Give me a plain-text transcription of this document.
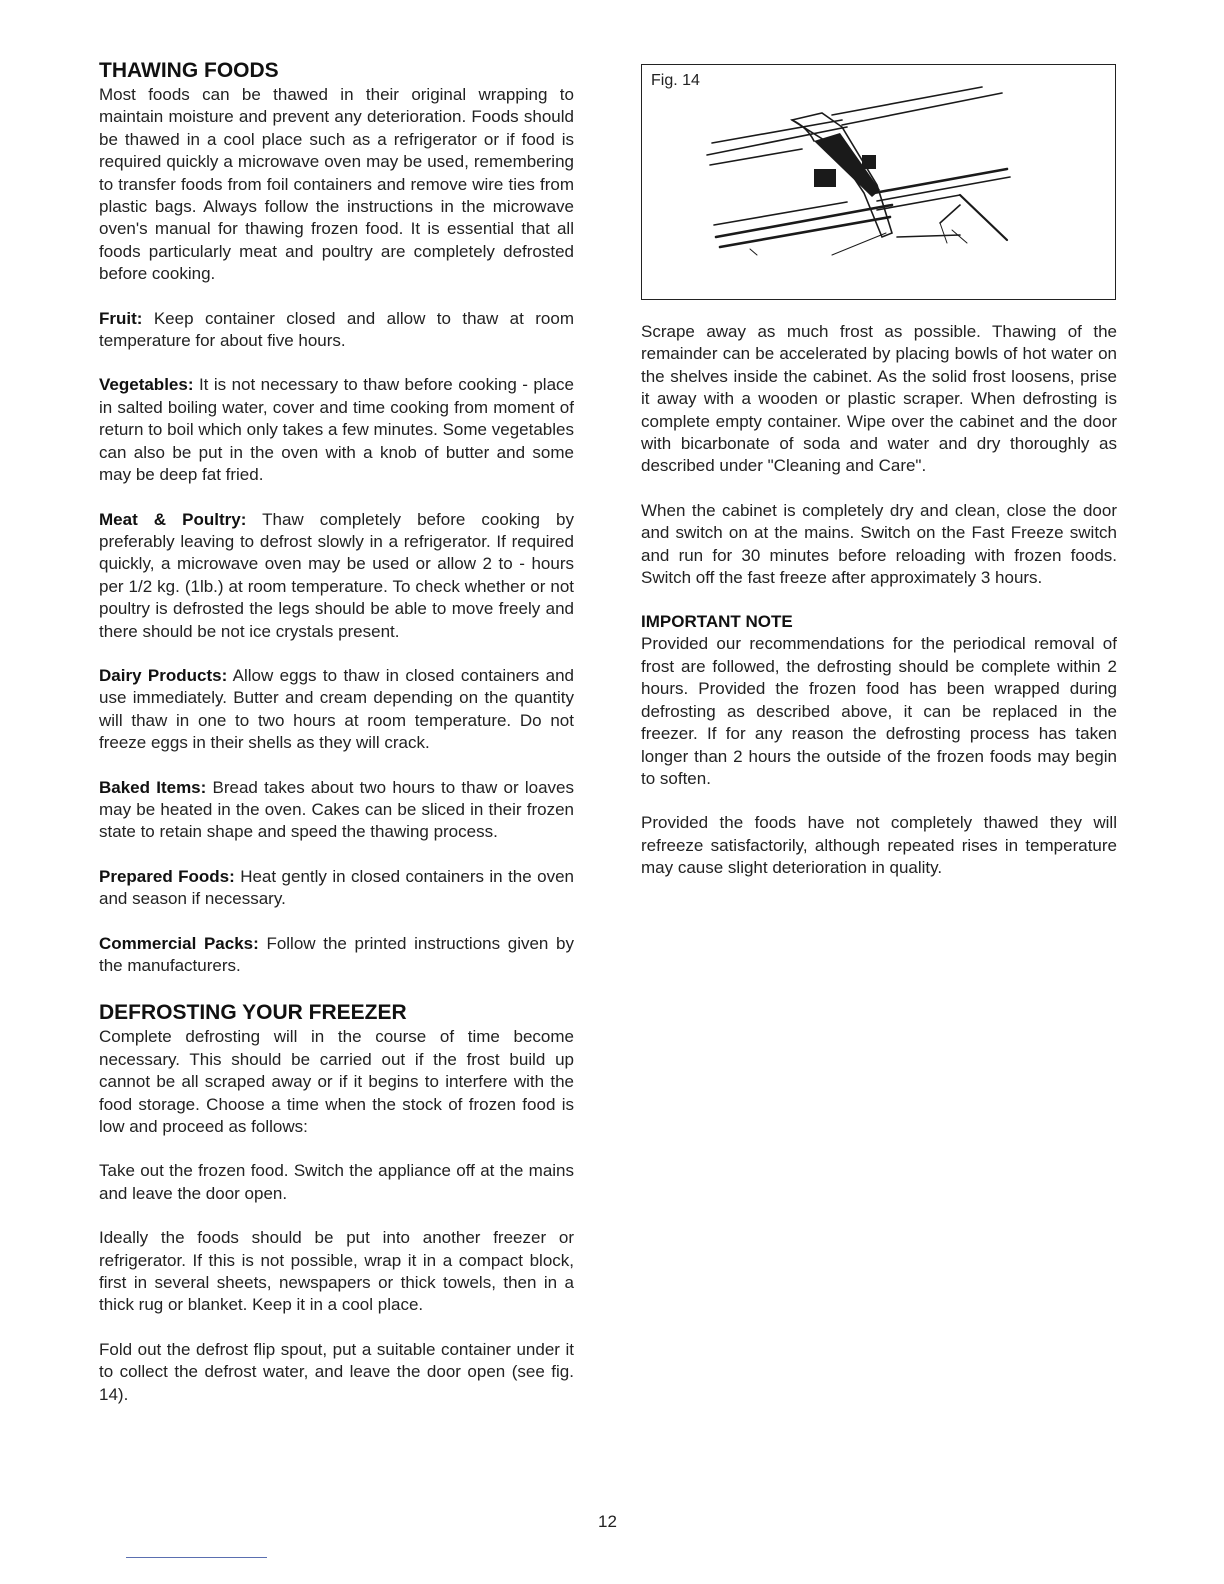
THAWING FOODS

Most foods can be thawed in their original wrapping to maintain moisture and prevent any deterioration. Foods should be thawed in a cool place such as a refrigerator or if food is required quickly a microwave oven may be used, remembering to transfer foods from foil containers and remove wire ties from plastic bags. Always follow the instructions in the microwave oven's manual for thawing frozen food. It is essential that all foods particularly meat and poultry are completely defrosted before cooking.

Fruit: Keep container closed and allow to thaw at room temperature for about five hours.

Vegetables: It is not necessary to thaw before cooking - place in salted boiling water, cover and time cooking from moment of return to boil which only takes a few minutes. Some vegetables can also be put in the oven with a knob of butter and some may be deep fat fried.

Meat & Poultry: Thaw completely before cooking by preferably leaving to defrost slowly in a refrigerator. If required quickly, a microwave oven may be used or allow 2 to - hours per 1/2 kg. (1lb.) at room temperature. To check whether or not poultry is defrosted the legs should be able to move freely and there should be not ice crystals present.

Dairy Products: Allow eggs to thaw in closed containers and use immediately. Butter and cream depending on the quantity will thaw in one to two hours at room temperature. Do not freeze eggs in their shells as they will crack.

Baked Items: Bread takes about two hours to thaw or loaves may be heated in the oven. Cakes can be sliced in their frozen state to retain shape and speed the thawing process.

Prepared Foods: Heat gently in closed containers in the oven and season if necessary.

Commercial Packs: Follow the printed instructions given by the manufacturers.

DEFROSTING YOUR FREEZER

Complete defrosting will in the course of time become necessary. This should be carried out if the frost build up cannot be all scraped away or if it begins to interfere with the food storage. Choose a time when the stock of frozen food is low and proceed as follows:

Take out the frozen food. Switch the appliance off at the mains and leave the door open.

Ideally the foods should be put into another freezer or refrigerator. If this is not possible, wrap it in a compact block, first in several sheets, newspapers or thick towels, then in a thick rug or blanket. Keep it in a cool place.

Fold out the defrost flip spout, put a suitable container under it to collect the defrost water, and leave the door open (see fig. 14).

Fig. 14

Scrape away as much frost as possible. Thawing of the remainder can be accelerated by placing bowls of hot water on the shelves inside the cabinet. As the solid frost loosens, prise it away with a wooden or plastic scraper. When defrosting is complete empty container. Wipe over the cabinet and the door with bicarbonate of soda and water and dry thoroughly as described under "Cleaning and Care".

When the cabinet is completely dry and clean, close the door and switch on at the mains. Switch on the Fast Freeze switch and run for 30 minutes before reloading with frozen foods. Switch off the fast freeze after approximately 3 hours.

IMPORTANT NOTE

Provided our recommendations for the periodical removal of frost are followed, the defrosting should be complete within 2 hours. Provided the frozen food has been wrapped during defrosting as described above, it can be replaced in the freezer. If for any reason the defrosting process has taken longer than 2 hours the outside of the frozen foods may begin to soften.

Provided the foods have not completely thawed they will refreeze satisfactorily, although repeated rises in temperature may cause slight deterioration in quality.

12
